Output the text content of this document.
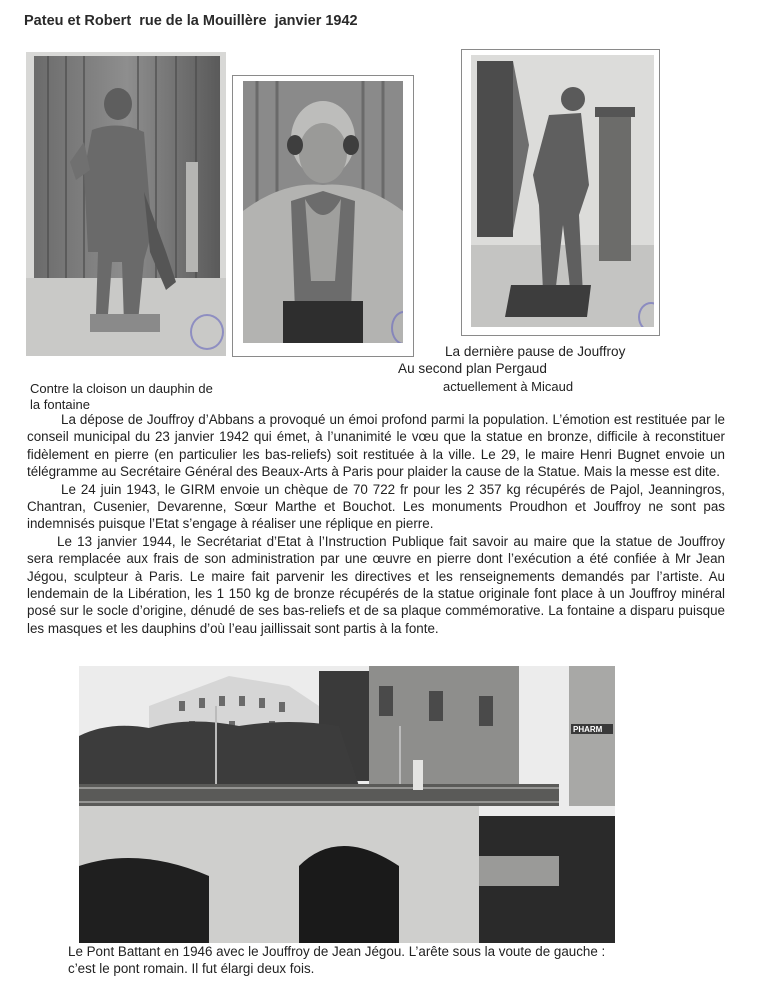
Pateu et Robert  rue de la Mouillère  janvier 1942
La dernière pause de Jouffroy
Au second plan Pergaud
actuellement à Micaud
Contre la cloison un dauphin de
la fontaine

La dépose de Jouffroy d’Abbans a provoqué un émoi profond parmi la population. L’émotion est restituée par le conseil municipal du 23 janvier 1942 qui émet, à l’unanimité le vœu que la statue en bronze, difficile à reconstituer fidèlement en pierre (en particulier les bas-reliefs) soit restituée à la ville. Le 29, le maire Henri Bugnet envoie un télégramme au Secrétaire Général des Beaux-Arts à Paris pour plaider la cause de la Statue. Mais la messe est dite.

Le 24 juin 1943, le GIRM envoie un chèque de 70 722 fr pour les 2 357 kg récupérés de Pajol, Jeanningros, Chantran, Cusenier, Devarenne, Sœur Marthe et Bouchot. Les monuments Proudhon et Jouffroy ne sont pas indemnisés puisque l’Etat s’engage à réaliser une réplique en pierre.

Le 13 janvier 1944, le Secrétariat d’Etat à l’Instruction Publique fait savoir au maire que la statue de Jouffroy sera remplacée aux frais de son administration par une œuvre en pierre dont l’exécution a été confiée à Mr Jean Jégou, sculpteur à Paris. Le maire fait parvenir les directives et les renseignements demandés par l’artiste. Au lendemain de la Libération, les 1 150 kg de bronze récupérés de la statue originale font place à un Jouffroy minéral posé sur le socle d’origine, dénudé de ses bas-reliefs et de sa plaque commémorative. La fontaine a disparu puisque les masques et les dauphins d’où l’eau jaillissait sont partis à la fonte.

PHARM
Le Pont Battant en 1946 avec le Jouffroy de Jean Jégou. L’arête sous la voute de gauche :
c’est le pont romain. Il fut élargi deux fois.
